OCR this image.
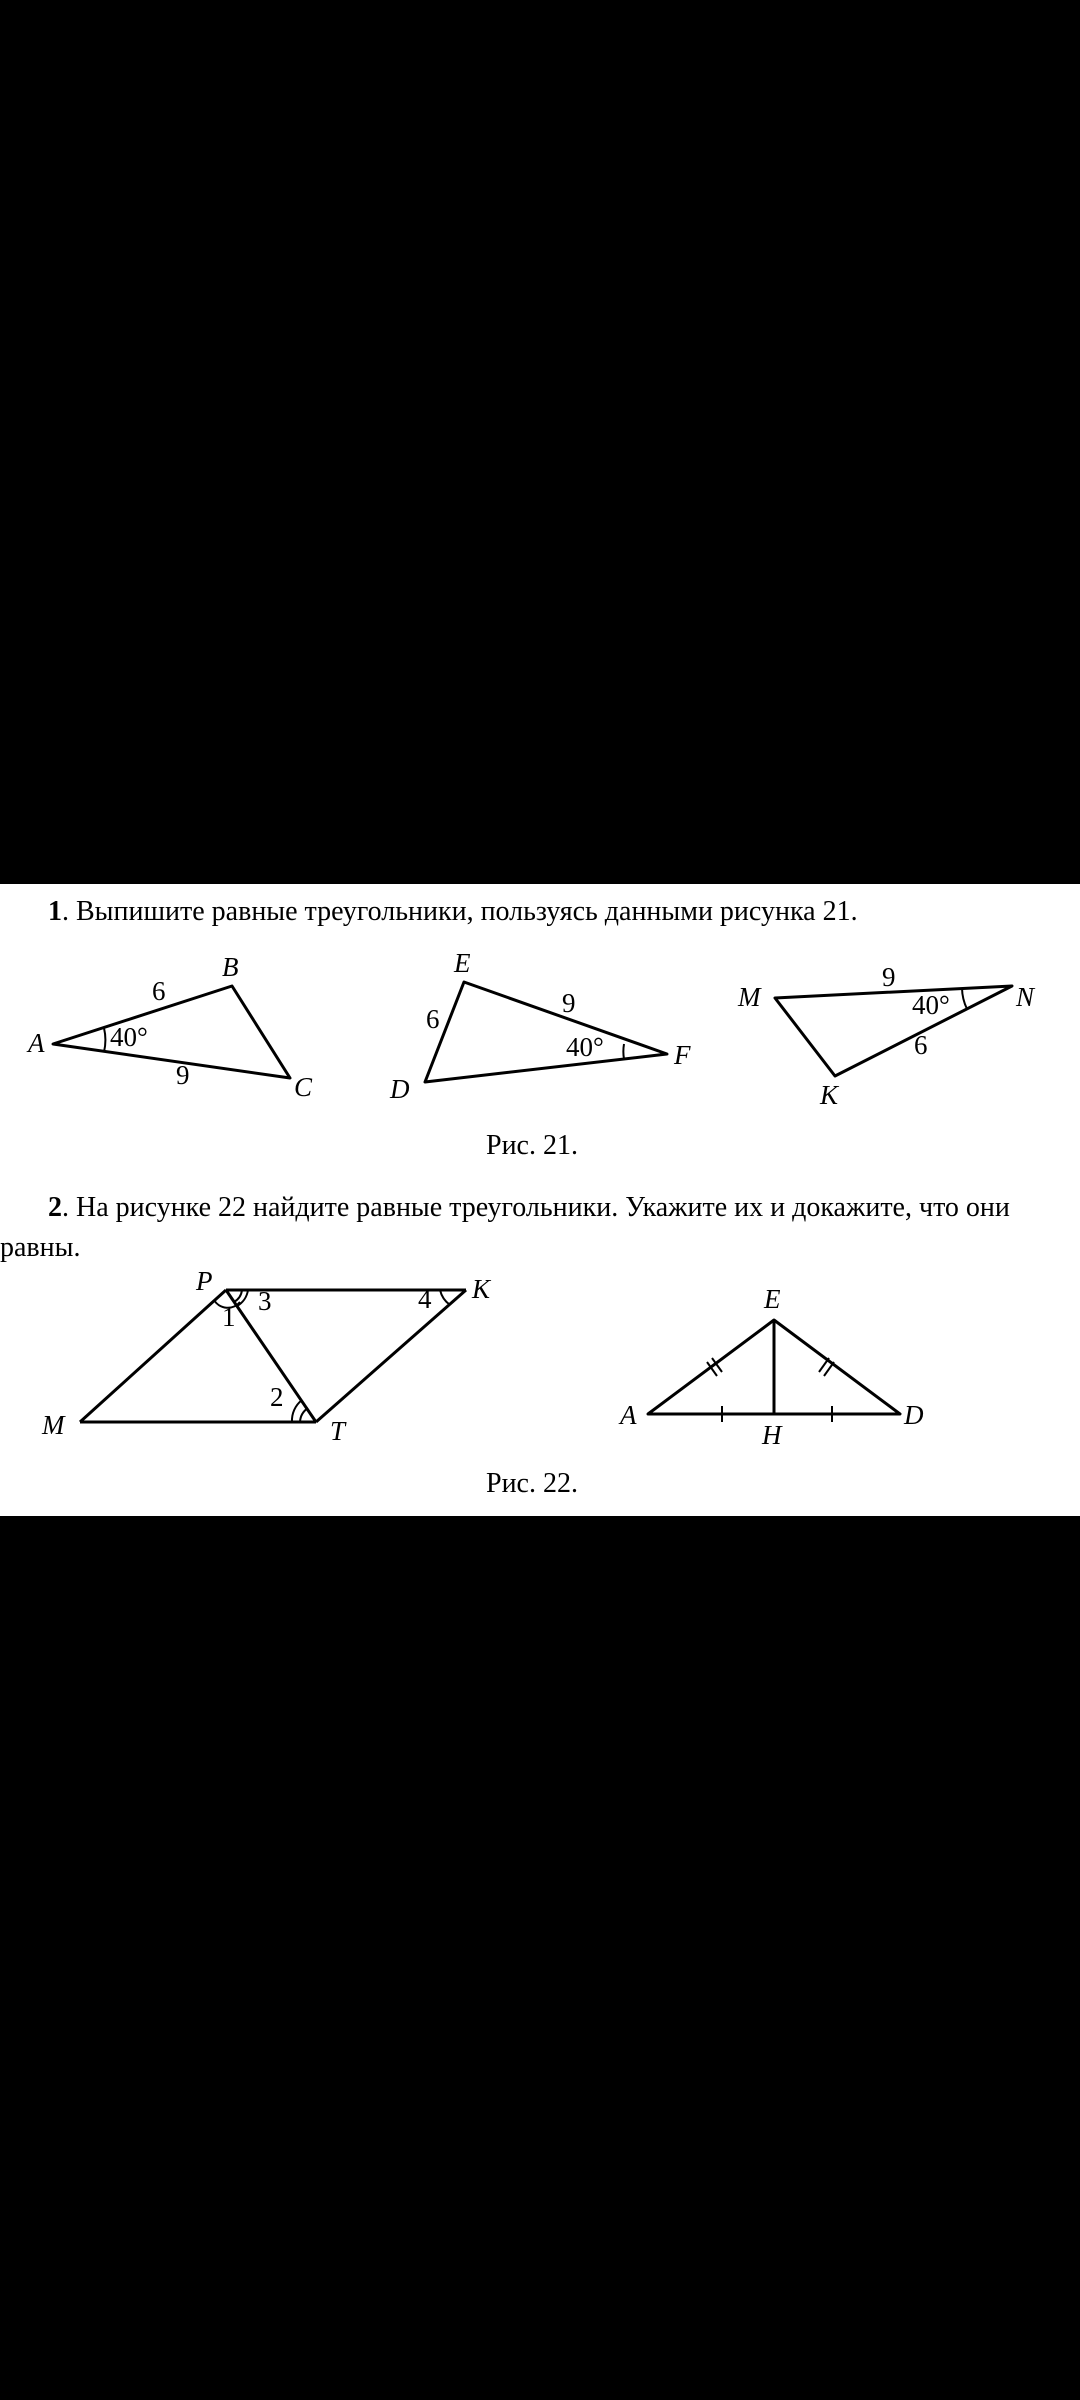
1. Выпишите равные треугольники, пользуясь данными рисунка 21.
A
B
C
6
9
40°
E
D
F
6
9
40°
M	N
K
9
6
40°
Рис. 21.
2. На рисунке 22 найдите равные треугольники. Укажите их и докажите, что они
равны.
P	K
M	T
1
3	4
2
E
A	D
H
Рис. 22.
